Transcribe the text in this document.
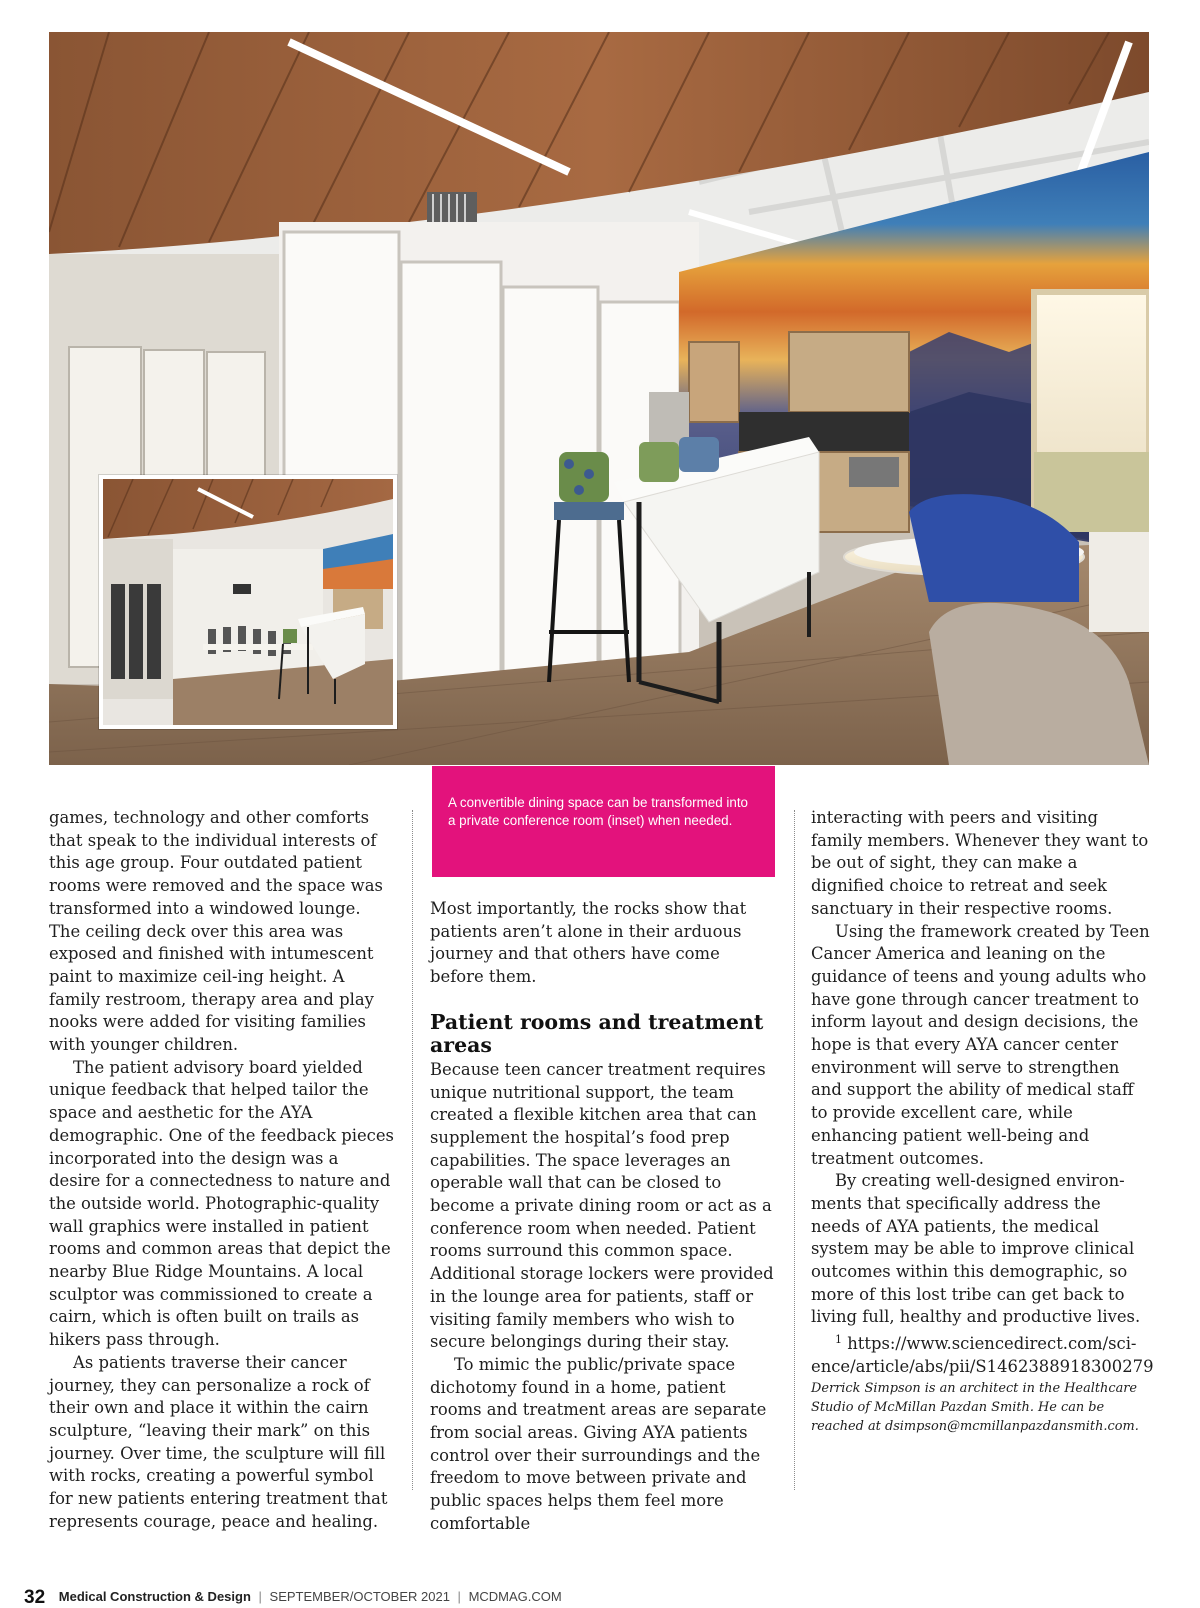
A convertible dining space can be transformed into a private conference room (inset) when needed.

games, technology and other comforts that speak to the individual interests of this age group. Four outdated patient rooms were removed and the space was transformed into a windowed lounge. The ceiling deck over this area was exposed and finished with intumescent paint to maximize ceil-ing height. A family restroom, therapy area and play nooks were added for visiting families with younger children.

The patient advisory board yielded unique feedback that helped tailor the space and aesthetic for the AYA demographic. One of the feedback pieces incorporated into the design was a desire for a connectedness to nature and the outside world. Photographic-quality wall graphics were installed in patient rooms and common areas that depict the nearby Blue Ridge Mountains. A local sculptor was commissioned to create a cairn, which is often built on trails as hikers pass through.

As patients traverse their cancer journey, they can personalize a rock of their own and place it within the cairn sculpture, “leaving their mark” on this journey. Over time, the sculpture will fill with rocks, creating a powerful symbol for new patients entering treatment that represents courage, peace and healing.

Most importantly, the rocks show that patients aren’t alone in their arduous journey and that others have come before them.

Patient rooms and treatment areas

Because teen cancer treatment requires unique nutritional support, the team created a flexible kitchen area that can supplement the hospital’s food prep capabilities. The space leverages an operable wall that can be closed to become a private dining room or act as a conference room when needed. Patient rooms surround this common space. Additional storage lockers were provided in the lounge area for patients, staff or visiting family members who wish to secure belongings during their stay.

To mimic the public/private space dichotomy found in a home, patient rooms and treatment areas are separate from social areas. Giving AYA patients control over their surroundings and the freedom to move between private and public spaces helps them feel more comfortable

interacting with peers and visiting family members. Whenever they want to be out of sight, they can make a dignified choice to retreat and seek sanctuary in their respective rooms.

Using the framework created by Teen Cancer America and leaning on the guidance of teens and young adults who have gone through cancer treatment to inform layout and design decisions, the hope is that every AYA cancer center environment will serve to strengthen and support the ability of medical staff to provide excellent care, while enhancing patient well-being and treatment outcomes.

By creating well-designed environ-ments that specifically address the needs of AYA patients, the medical system may be able to improve clinical outcomes within this demographic, so more of this lost tribe can get back to living full, healthy and productive lives.

$^1$ https://www.sciencedirect.com/sci-ence/article/abs/pii/S1462388918300279

Derrick Simpson is an architect in the Healthcare Studio of McMillan Pazdan Smith. He can be reached at dsimpson@mcmillanpazdansmith.com.

32 Medical Construction & Design | SEPTEMBER/OCTOBER 2021 | MCDMAG.COM
